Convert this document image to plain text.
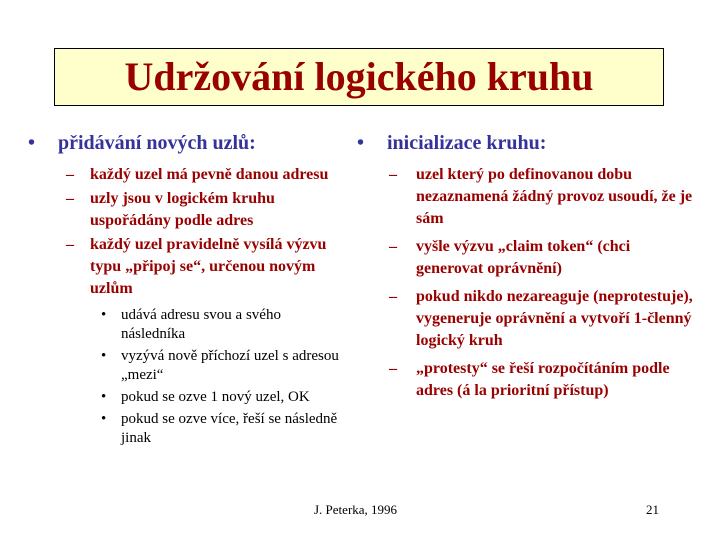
Udržování logického kruhu
•	přidávání nových uzlů:
–	každý uzel má pevně danou adresu
–	uzly jsou v logickém kruhu uspořádány podle adres
–	každý uzel pravidelně vysílá výzvu typu „připoj se“, určenou novým uzlům
• udává adresu svou a svého následníka
• vyzývá nově příchozí uzel s adresou „mezi“
• pokud se ozve 1 nový uzel, OK
• pokud se ozve více, řeší se následně jinak
•	inicializace kruhu:
–	uzel který po definovanou dobu nezaznamená žádný provoz usoudí, že je sám
–	vyšle výzvu „claim token“ (chci generovat oprávnění)
–	pokud nikdo nezareaguje (neprotestuje), vygeneruje oprávnění a vytvoří 1-členný logický kruh
–	„protesty“ se řeší rozpočítáním podle adres (á la prioritní přístup)
J. Peterka, 1996	21
